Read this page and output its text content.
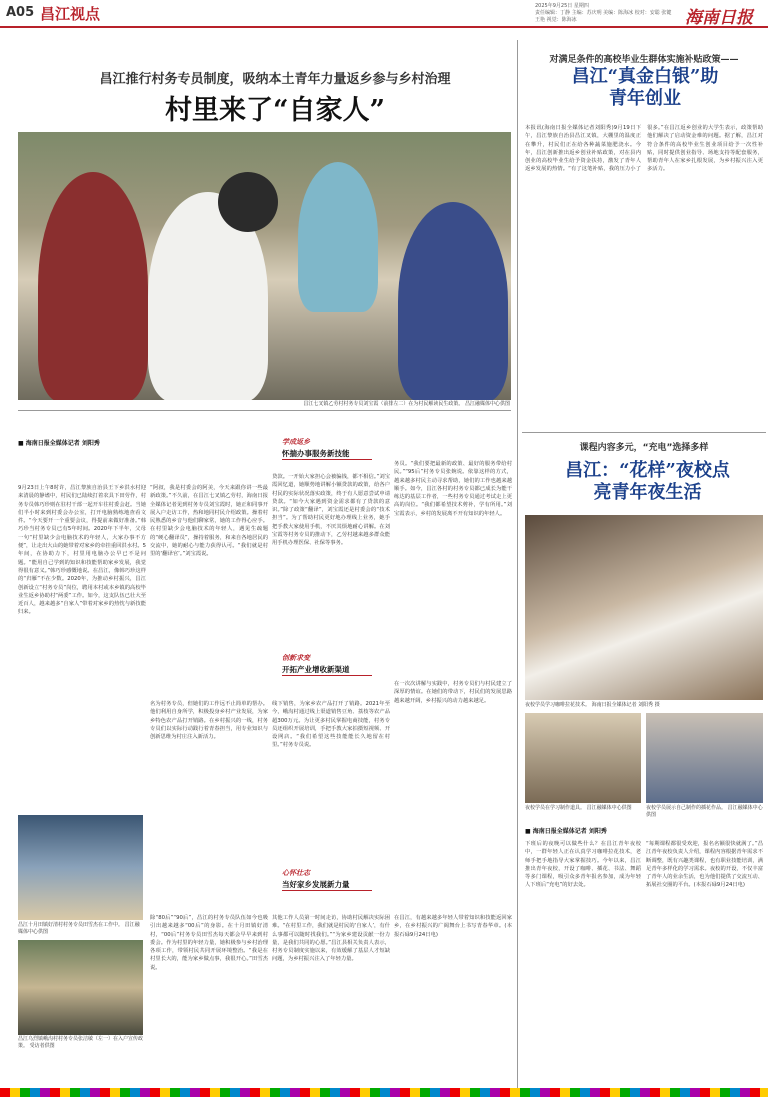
A05 昌江视点	2025年9月25日 星期四
责任编辑：丁静 主编：苏庆明 美编：陈海冰 校对：安聪 张键 王艳 视觉：陈海冰	海南日报
昌江推行村务专员制度，吸纳本土青年力量返乡参与乡村治理
村里来了“自家人”
昌江七叉镇乙劳村村务专员刘宝霞（前排左二）在为村民解读民生政策。 昌江融媒体中心供图
■ 海南日报全媒体记者 刘阳秀
9月23日上午8时许，昌江黎族自治县王下乡洪水村迎来清晨的静谧中，村民们已陆续打着农具下田劳作，村务专员韩巧珍则在驻村干部一起开车往村委会赶。当她们半小时来到村委会办公室，打开电脑熟练地查看文件。“今天要开一个重要会议，得提前来做好准备。”韩巧珍当村务专员已有5年时间。2020年下半年，父母一句“村里缺少会电脑技术的年轻人，大家办事不方便”，让走出大山的她带着对家乡的牵挂重回洪水村。5年间，在协助力下，村里用电脑办公早已不是问题。“能用自己学到的知识和技能帮助家乡发展，我觉得很有意义。”韩巧珍感慨地说。在昌江，像韩巧珍这样的“归雁”不在少数。2020年，为推动乡村振兴，昌江创新设立“村务专员”岗位，聘用本村或本乡镇的高校毕业生返乡协助村“两委”工作。如今，这支队伍已壮大至近百人，越来越多“自家人”带着对家乡的热忱与新技能归来。
昌江十月田镇好清村村务专员田雪杰在工作中。 昌江融媒体中心供图
昌江乌烈镇峨沟村村务专员张洁敏（左一）在入户宣传政策。 受访者供图
学成返乡
怀揣办事服务新技能
“阿叔，我是村委会的阿美，今天来跟你讲一些最新政策。”不久前，在昌江七叉镇乙劳村，海南日报全媒体记者见到村务专员刘宝霞时，她正和同事开展入户走访工作，热和地同村民介绍政策。操着村民熟悉的乡音与他们聊家常，她的工作得心应手。在村里缺少会电脑技术的年轻人，遇见生疏题的“硬心翻译员”，操持着服务，和来自各地居民的交流中，她的耐心与能力获得认可。“我们就是村里的‘翻译官’。”刘宝霞说。
贷款。一开始大家担心会被骗钱，都不相信。”刘宝霞回忆道，她顺势地讲解小额贷款的政策，给各户村民的实际状况落实政策，终于有人愿意尝试申请贷款。“如今大家遇到资金需求都有了贷款的意识。”除了政策“翻译”，刘宝霞还是村委会的“技术担当”。为了帮助村民更好地办理线上业务，她手把手教大家使用手机，不厌其烦地耐心讲解。在刘宝霞等村务专员的推动下，乙劳村越来越多群众能用手机办理医保、社保等事务。
务员。“我们要把最新的政策、最好的服务带给村民。”“95后”村务专员张婉说。依靠这样的方式，越来越多村民主动寻求帮助，她们的工作也越来越顺手。如今，昌江各村的村务专员都已成长为能干练达的基层工作者，一些村务专员通过考试走上更高的岗位。“我们都希望技术剪补，学有所用。”刘宝霞表示，乡村的发展离不开有知识的年轻人。
创新求变
开拓产业增收新渠道
名为村务专员，但她们的工作远不止简单的帮办。他们利用自身所学，积极投身乡村产业发展，为家乡特色农产品打开销路。在乡村振兴的一线，村务专员们以实际行动践行着青春担当，用专业知识与创新思维为村庄注入新活力。
线下销售，为家乡农产品打开了销路。2021年至今，峨沟村通过线上渠道销售豆角、荔枝等农产品超300万元。为让更多村民掌握电商技能，村务专员还组织开展培训，手把手教大家拍摄短视频、开设网店。“我们希望这些技能能长久地留在村里。”村务专员说。
在一次次讲解与实践中，村务专员们与村民建立了深厚的情谊。在她们的带动下，村民们的发展思路越来越开阔，乡村振兴的动力越来越足。
心怀壮志
当好家乡发展新力量
除“80后”“90后”，昌江的村务专员队伍如今也吸引出越来越多“00后”的身影。在十月田镇好清村，“00后”村务专员田雪杰每天都会早早来到村委会。作为村里的年轻力量，她积极参与乡村治理各项工作，带领村民共同开展环境整治。“我是在村里长大的，能为家乡做点事，我很开心。”田雪杰说。
其他工作人员第一时间走访，协助村民解决实际困难。“在村里工作，我们就是村民的‘自家人’，有什么事都可以随时找我们。”“为家乡建设贡献一份力量，是我们共同的心愿。”昌江县相关负责人表示，村务专员制度实施以来，有效缓解了基层人才短缺问题，为乡村振兴注入了年轻力量。
在昌江，有越来越多年轻人带着知识和技能返回家乡，在乡村振兴的广阔舞台上书写青春华章。(本报石碌9月24日电)
对满足条件的高校毕业生群体实施补贴政策——
昌江“真金白银”助青年创业
本报讯(海南日报全媒体记者刘阳秀)9月19日下午，昌江黎族自治县昌江叉镇，大棚里的温度正在攀升，村民们正在给各种蔬菜施肥浇水。今年，昌江创新推出返乡创业补贴政策，对在县内创业的高校毕业生给予资金扶持，激发了青年人返乡发展的热情。“有了这笔补贴，我的压力小了很多。”在昌江返乡创业的大学生表示，政策帮助他们解决了启动资金难的问题。据了解，昌江对符合条件的高校毕业生创业项目给予一次性补贴，同时提供创业指导、场地支持等配套服务，帮助青年人在家乡扎根发展，为乡村振兴注入更多活力。
课程内容多元，“充电”选择多样
昌江：“花样”夜校点亮青年夜生活
夜校学员学习咖啡拉花技术。 海南日报全媒体记者 刘阳秀 摄
夜校学员在学习制作道具。 昌江融媒体中心供图	夜校学员展示自己制作的插花作品。 昌江融媒体中心供图
■ 海南日报全媒体记者 刘阳秀
下班后的夜晚可以做些什么？在昌江青年夜校中，一群年轻人正在认真学习咖啡拉花技术，老师手把手地指导大家掌握技巧。今年以来，昌江推出青年夜校，开设了咖啡、插花、书法、舞蹈等多门课程，吸引众多青年报名参加，成为年轻人下班后“充电”的好去处。
“每期课程都很受欢迎，报名名额很快就满了。”昌江青年夜校负责人介绍，课程内容根据青年需求不断调整，既有兴趣类课程，也有职业技能培训，满足青年多样化的学习需求。夜校的开设，不仅丰富了青年人的业余生活，也为他们提供了交流互动、拓展社交圈的平台。(本报石碌9月24日电)
